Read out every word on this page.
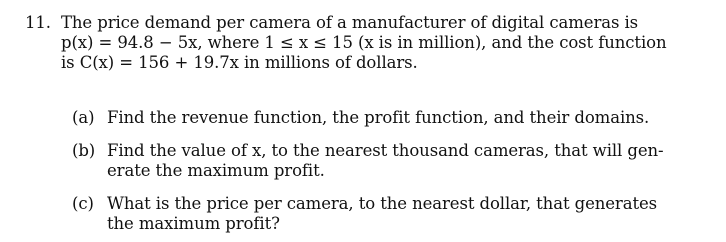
11. The price demand per camera of a manufacturer of digital cameras is
p(x) = 94.8 − 5x, where 1 ≤ x ≤ 15 (x is in million), and the cost function
is C(x) = 156 + 19.7x in millions of dollars.
(a) Find the revenue function, the profit function, and their domains.
(b) Find the value of x, to the nearest thousand cameras, that will gen-
erate the maximum profit.
(c) What is the price per camera, to the nearest dollar, that generates
the maximum profit?
